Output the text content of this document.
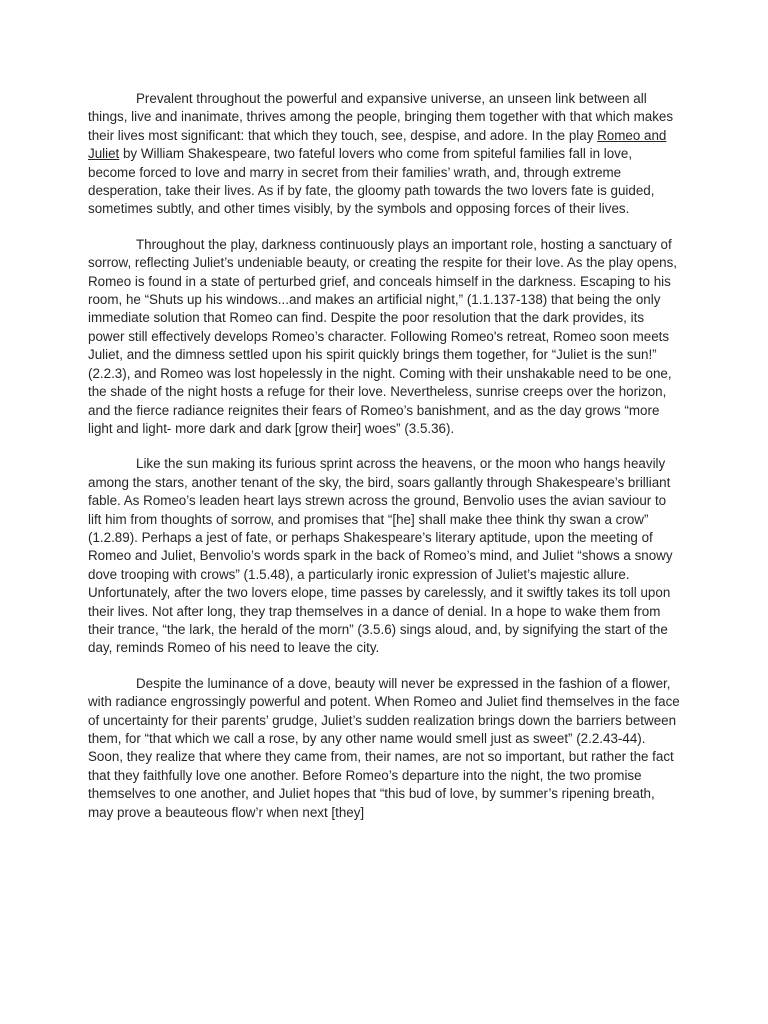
Prevalent throughout the powerful and expansive universe, an unseen link between all things, live and inanimate, thrives among the people, bringing them together with that which makes their lives most significant: that which they touch, see, despise, and adore. In the play Romeo and Juliet by William Shakespeare, two fateful lovers who come from spiteful families fall in love, become forced to love and marry in secret from their families’ wrath, and, through extreme desperation, take their lives. As if by fate, the gloomy path towards the two lovers fate is guided, sometimes subtly, and other times visibly, by the symbols and opposing forces of their lives.

Throughout the play, darkness continuously plays an important role, hosting a sanctuary of sorrow, reflecting Juliet’s undeniable beauty, or creating the respite for their love. As the play opens, Romeo is found in a state of perturbed grief, and conceals himself in the darkness. Escaping to his room, he “Shuts up his windows...and makes an artificial night,” (1.1.137-138) that being the only immediate solution that Romeo can find. Despite the poor resolution that the dark provides, its power still effectively develops Romeo’s character. Following Romeo's retreat, Romeo soon meets Juliet, and the dimness settled upon his spirit quickly brings them together, for “Juliet is the sun!” (2.2.3), and Romeo was lost hopelessly in the night. Coming with their unshakable need to be one, the shade of the night hosts a refuge for their love. Nevertheless, sunrise creeps over the horizon, and the fierce radiance reignites their fears of Romeo’s banishment, and as the day grows “more light and light- more dark and dark [grow their] woes” (3.5.36).

Like the sun making its furious sprint across the heavens, or the moon who hangs heavily among the stars, another tenant of the sky, the bird, soars gallantly through Shakespeare’s brilliant fable. As Romeo’s leaden heart lays strewn across the ground, Benvolio uses the avian saviour to lift him from thoughts of sorrow, and promises that “[he] shall make thee think thy swan a crow” (1.2.89). Perhaps a jest of fate, or perhaps Shakespeare’s literary aptitude, upon the meeting of Romeo and Juliet, Benvolio’s words spark in the back of Romeo’s mind, and Juliet “shows a snowy dove trooping with crows” (1.5.48), a particularly ironic expression of Juliet’s majestic allure. Unfortunately, after the two lovers elope, time passes by carelessly, and it swiftly takes its toll upon their lives. Not after long, they trap themselves in a dance of denial. In a hope to wake them from their trance, “the lark, the herald of the morn” (3.5.6) sings aloud, and, by signifying the start of the day, reminds Romeo of his need to leave the city.

Despite the luminance of a dove, beauty will never be expressed in the fashion of a flower, with radiance engrossingly powerful and potent. When Romeo and Juliet find themselves in the face of uncertainty for their parents’ grudge, Juliet’s sudden realization brings down the barriers between them, for “that which we call a rose, by any other name would smell just as sweet” (2.2.43-44). Soon, they realize that where they came from, their names, are not so important, but rather the fact that they faithfully love one another. Before Romeo’s departure into the night, the two promise themselves to one another, and Juliet hopes that “this bud of love, by summer’s ripening breath, may prove a beauteous flow’r when next [they]
